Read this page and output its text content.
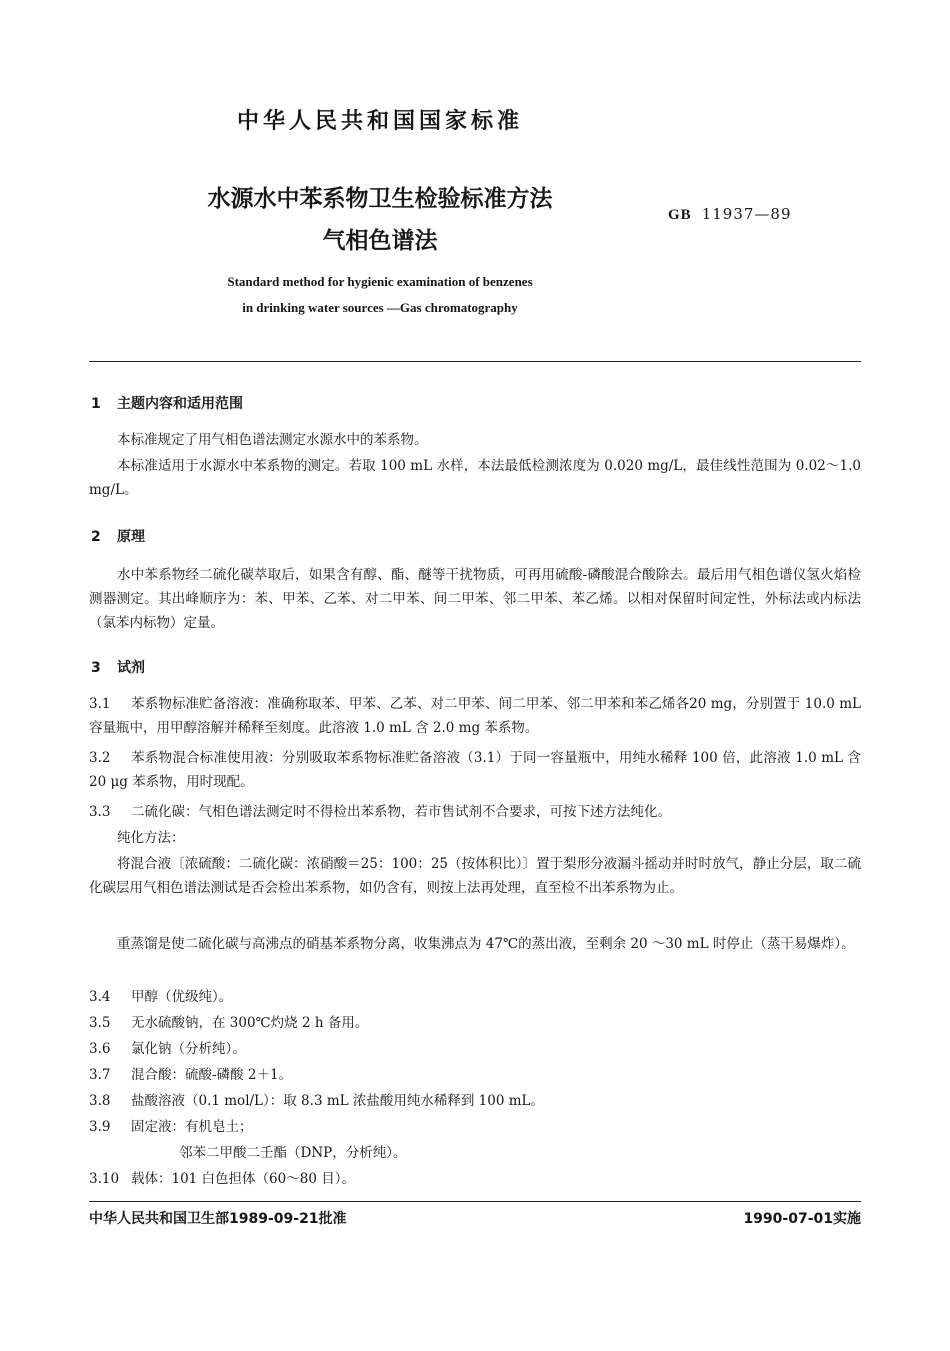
中华人民共和国国家标准
水源水中苯系物卫生检验标准方法
气相色谱法
GB 11937—89
Standard method for hygienic examination of benzenes
in drinking water sources —Gas chromatography
1 主题内容和适用范围
本标准规定了用气相色谱法测定水源水中的苯系物。
本标准适用于水源水中苯系物的测定。若取 100 mL 水样，本法最低检测浓度为 0.020 mg/L，最佳线性范围为 0.02～1.0 mg/L。
2 原理
水中苯系物经二硫化碳萃取后，如果含有醇、酯、醚等干扰物质，可再用硫酸-磷酸混合酸除去。最后用气相色谱仪氢火焰检测器测定。其出峰顺序为：苯、甲苯、乙苯、对二甲苯、间二甲苯、邻二甲苯、苯乙烯。以相对保留时间定性，外标法或内标法（氯苯内标物）定量。
3 试剂
3.1 苯系物标准贮备溶液：准确称取苯、甲苯、乙苯、对二甲苯、间二甲苯、邻二甲苯和苯乙烯各20 mg，分别置于 10.0 mL 容量瓶中，用甲醇溶解并稀释至刻度。此溶液 1.0 mL 含 2.0 mg 苯系物。
3.2 苯系物混合标准使用液：分别吸取苯系物标准贮备溶液（3.1）于同一容量瓶中，用纯水稀释 100 倍，此溶液 1.0 mL 含 20 μg 苯系物，用时现配。
3.3 二硫化碳：气相色谱法测定时不得检出苯系物，若市售试剂不合要求，可按下述方法纯化。
纯化方法：
将混合液〔浓硫酸：二硫化碳：浓硝酸＝25：100：25（按体积比）〕置于梨形分液漏斗摇动并时时放气，静止分层，取二硫化碳层用气相色谱法测试是否会检出苯系物，如仍含有，则按上法再处理，直至检不出苯系物为止。
重蒸馏是使二硫化碳与高沸点的硝基苯系物分离，收集沸点为 47℃的蒸出液，至剩余 20 ～30 mL 时停止（蒸干易爆炸）。
3.4 甲醇（优级纯）。
3.5 无水硫酸钠，在 300℃灼烧 2 h 备用。
3.6 氯化钠（分析纯）。
3.7 混合酸：硫酸-磷酸 2＋1。
3.8 盐酸溶液（0.1 mol/L）：取 8.3 mL 浓盐酸用纯水稀释到 100 mL。
3.9 固定液：有机皂土；
邻苯二甲酸二壬酯（DNP，分析纯）。
3.10 载体：101 白色担体（60～80 目）。
中华人民共和国卫生部1989-09-21批准	1990-07-01实施
